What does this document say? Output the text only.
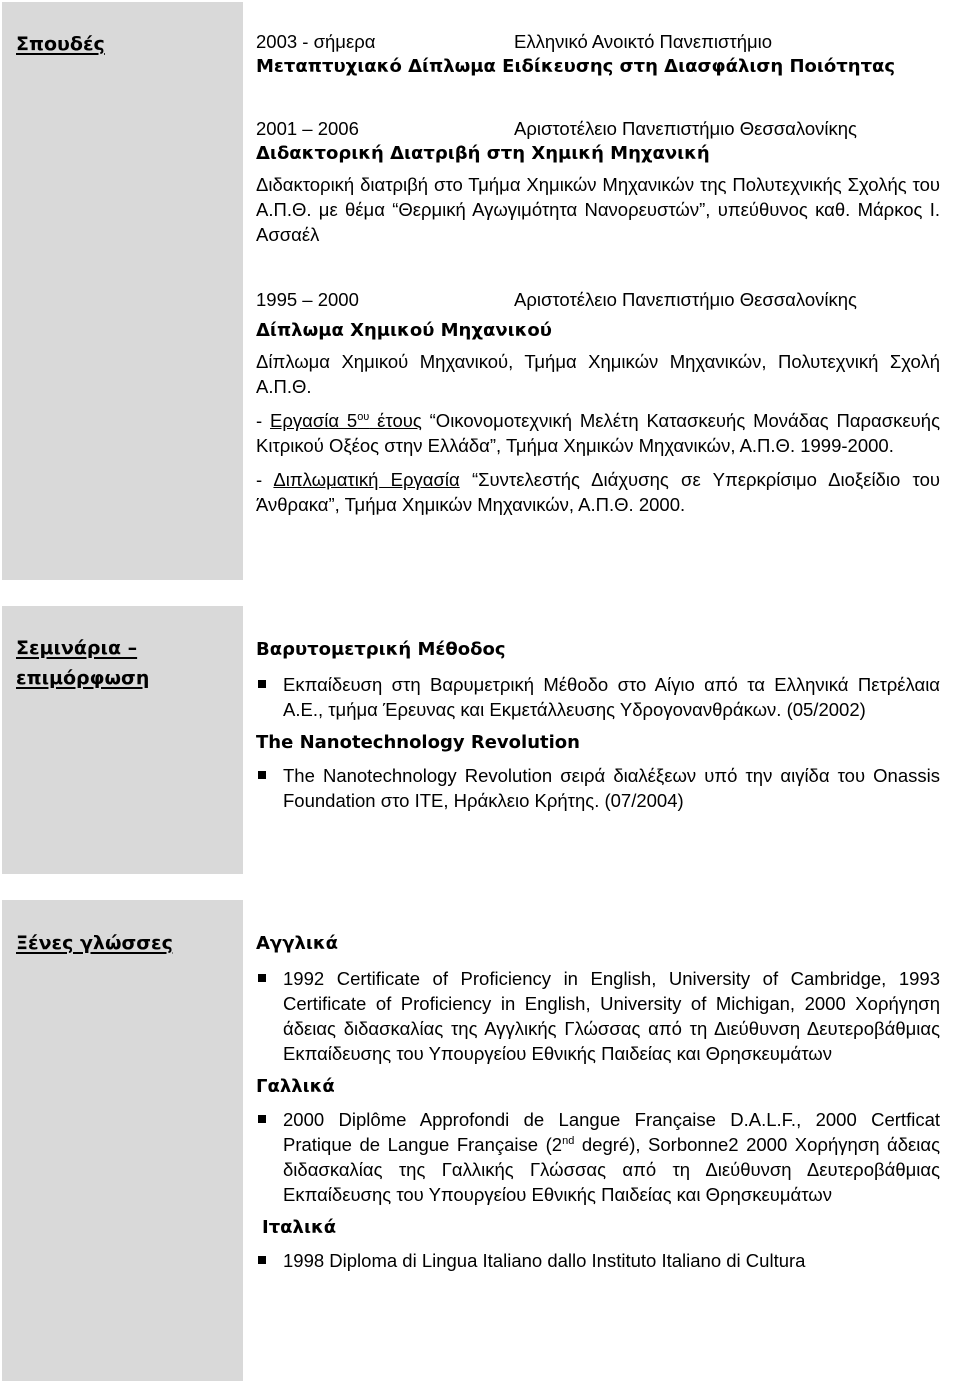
Σπουδές	2003 - σήμερα	Ελληνικό Ανοικτό Πανεπιστήμιο
Μεταπτυχιακό Δίπλωμα Ειδίκευσης στη Διασφάλιση Ποιότητας
2001 – 2006	Αριστοτέλειο Πανεπιστήμιο Θεσσαλονίκης
Διδακτορική Διατριβή στη Χημική Μηχανική
Διδακτορική διατριβή στο Τμήμα Χημικών Μηχανικών της Πολυτεχνικής Σχολής του Α.Π.Θ. με θέμα “Θερμική Αγωγιμότητα Νανορευστών”, υπεύθυνος καθ. Μάρκος Ι. Ασσαέλ
1995 – 2000	Αριστοτέλειο Πανεπιστήμιο Θεσσαλονίκης
Δίπλωμα Χημικού Μηχανικού
Δίπλωμα Χημικού Μηχανικού, Τμήμα Χημικών Μηχανικών, Πολυτεχνική Σχολή Α.Π.Θ.
- Εργασία $5^{o\upsilon}$ έτους “Οικονομοτεχνική Μελέτη Κατασκευής Μονάδας Παρασκευής Κιτρικού Οξέος στην Ελλάδα”, Τμήμα Χημικών Μηχανικών, Α.Π.Θ. 1999-2000.
- Διπλωματική Εργασία “Συντελεστής Διάχυσης σε Υπερκρίσιμο Διοξείδιο του Άνθρακα”, Τμήμα Χημικών Μηχανικών, Α.Π.Θ. 2000.
Σεμινάρια –
επιμόρφωση
Βαρυτομετρική Μέθοδος
Εκπαίδευση στη Βαρυμετρική Μέθοδο στο Αίγιο από τα Ελληνικά Πετρέλαια Α.Ε., τμήμα Έρευνας και Εκμετάλλευσης Υδρογονανθράκων. (05/2002)
The Nanotechnology Revolution
The Nanotechnology Revolution σειρά διαλέξεων υπό την αιγίδα του Onassis Foundation στο ΙΤΕ, Ηράκλειο Κρήτης. (07/2004)
Ξένες γλώσσες	Αγγλικά
1992 Certificate of Proficiency in English, University of Cambridge, 1993 Certificate of Proficiency in English, University of Michigan, 2000 Χορήγηση άδειας διδασκαλίας της Αγγλικής Γλώσσας από τη Διεύθυνση Δευτεροβάθμιας Εκπαίδευσης του Υπουργείου Εθνικής Παιδείας και Θρησκευμάτων
Γαλλικά
2000 Diplôme Approfondi de Langue Française D.A.L.F., 2000 Certficat Pratique de Langue Française (2nd degré), Sorbonne2 2000 Χορήγηση άδειας διδασκαλίας της Γαλλικής Γλώσσας από τη Διεύθυνση Δευτεροβάθμιας Εκπαίδευσης του Υπουργείου Εθνικής Παιδείας και Θρησκευμάτων
Ιταλικά
1998 Diploma di Lingua Italiano dallo Instituto Italiano di Cultura
